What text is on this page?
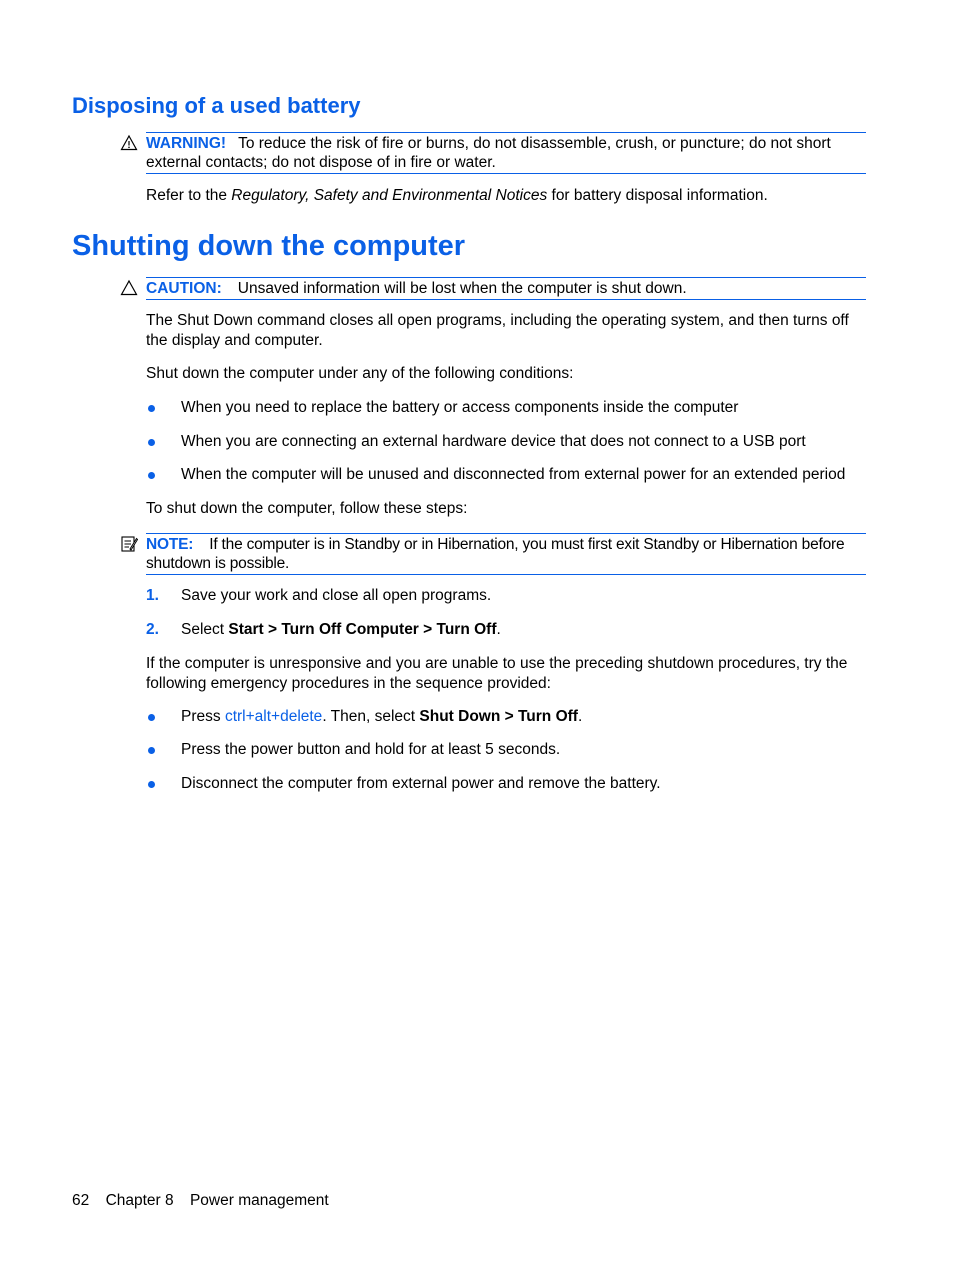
Disposing of a used battery
WARNING! To reduce the risk of fire or burns, do not disassemble, crush, or puncture; do not short external contacts; do not dispose of in fire or water.

Refer to the Regulatory, Safety and Environmental Notices for battery disposal information.

Shutting down the computer
CAUTION: Unsaved information will be lost when the computer is shut down.

The Shut Down command closes all open programs, including the operating system, and then turns off the display and computer.

Shut down the computer under any of the following conditions:

When you need to replace the battery or access components inside the computer
When you are connecting an external hardware device that does not connect to a USB port
When the computer will be unused and disconnected from external power for an extended period

To shut down the computer, follow these steps:

NOTE: If the computer is in Standby or in Hibernation, you must first exit Standby or Hibernation before shutdown is possible.
1. Save your work and close all open programs.
2. Select Start > Turn Off Computer > Turn Off.

If the computer is unresponsive and you are unable to use the preceding shutdown procedures, try the following emergency procedures in the sequence provided:

Press ctrl+alt+delete. Then, select Shut Down > Turn Off.
Press the power button and hold for at least 5 seconds.
Disconnect the computer from external power and remove the battery.
62 Chapter 8 Power management
